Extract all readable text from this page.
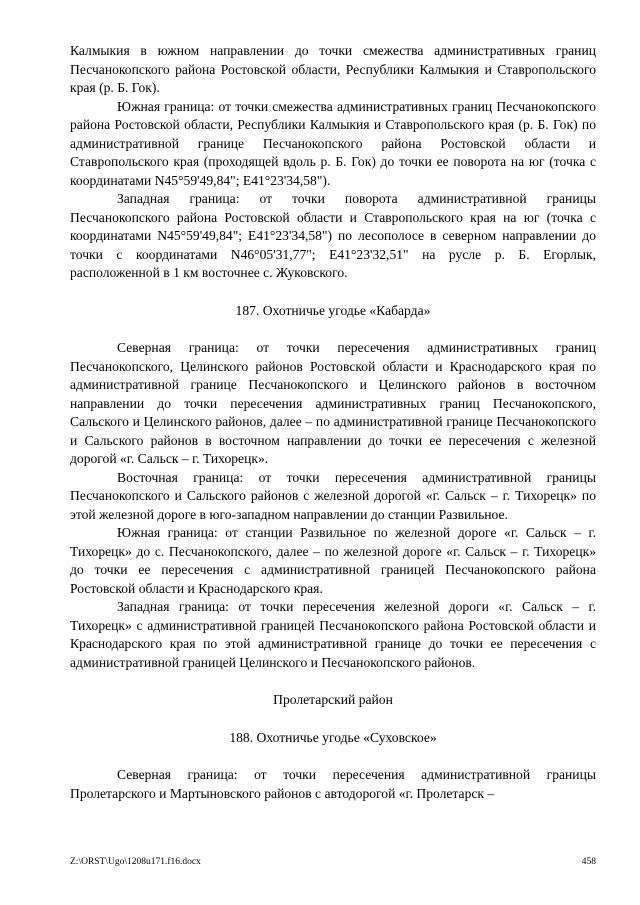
Калмыкия в южном направлении до точки смежества административных границ Песчанокопского района Ростовской области, Республики Калмыкия и Ставропольского края (р. Б. Гок).

Южная граница: от точки смежества административных границ Песчанокопского района Ростовской области, Республики Калмыкия и Ставропольского края (р. Б. Гок) по административной границе Песчанокопского района Ростовской области и Ставропольского края (проходящей вдоль р. Б. Гок) до точки ее поворота на юг (точка с координатами N45°59'49,84"; E41°23'34,58").

Западная граница: от точки поворота административной границы Песчанокопского района Ростовской области и Ставропольского края на юг (точка с координатами N45°59'49,84"; E41°23'34,58") по лесополосе в северном направлении до точки с координатами N46°05'31,77"; E41°23'32,51" на русле р. Б. Егорлык, расположенной в 1 км восточнее с. Жуковского.

187. Охотничье угодье «Кабарда»

Северная граница: от точки пересечения административных границ Песчанокопского, Целинского районов Ростовской области и Краснодарского края по административной границе Песчанокопского и Целинского районов в восточном направлении до точки пересечения административных границ Песчанокопского, Сальского и Целинского районов, далее – по административной границе Песчанокопского и Сальского районов в восточном направлении до точки ее пересечения с железной дорогой «г. Сальск – г. Тихорецк».

Восточная граница: от точки пересечения административной границы Песчанокопского и Сальского районов с железной дорогой «г. Сальск – г. Тихорецк» по этой железной дороге в юго-западном направлении до станции Развильное.

Южная граница: от станции Развильное по железной дороге «г. Сальск – г. Тихорецк» до с. Песчанокопского, далее – по железной дороге «г. Сальск – г. Тихорецк» до точки ее пересечения с административной границей Песчанокопского района Ростовской области и Краснодарского края.

Западная граница: от точки пересечения железной дороги «г. Сальск – г. Тихорецк» с административной границей Песчанокопского района Ростовской области и Краснодарского края по этой административной границе до точки ее пересечения с административной границей Целинского и Песчанокопского районов.

Пролетарский район

188. Охотничье угодье «Суховское»

Северная граница: от точки пересечения административной границы Пролетарского и Мартыновского районов с автодорогой «г. Пролетарск –

Z:\ORST\Ugo\1208u171.f16.docx	458
